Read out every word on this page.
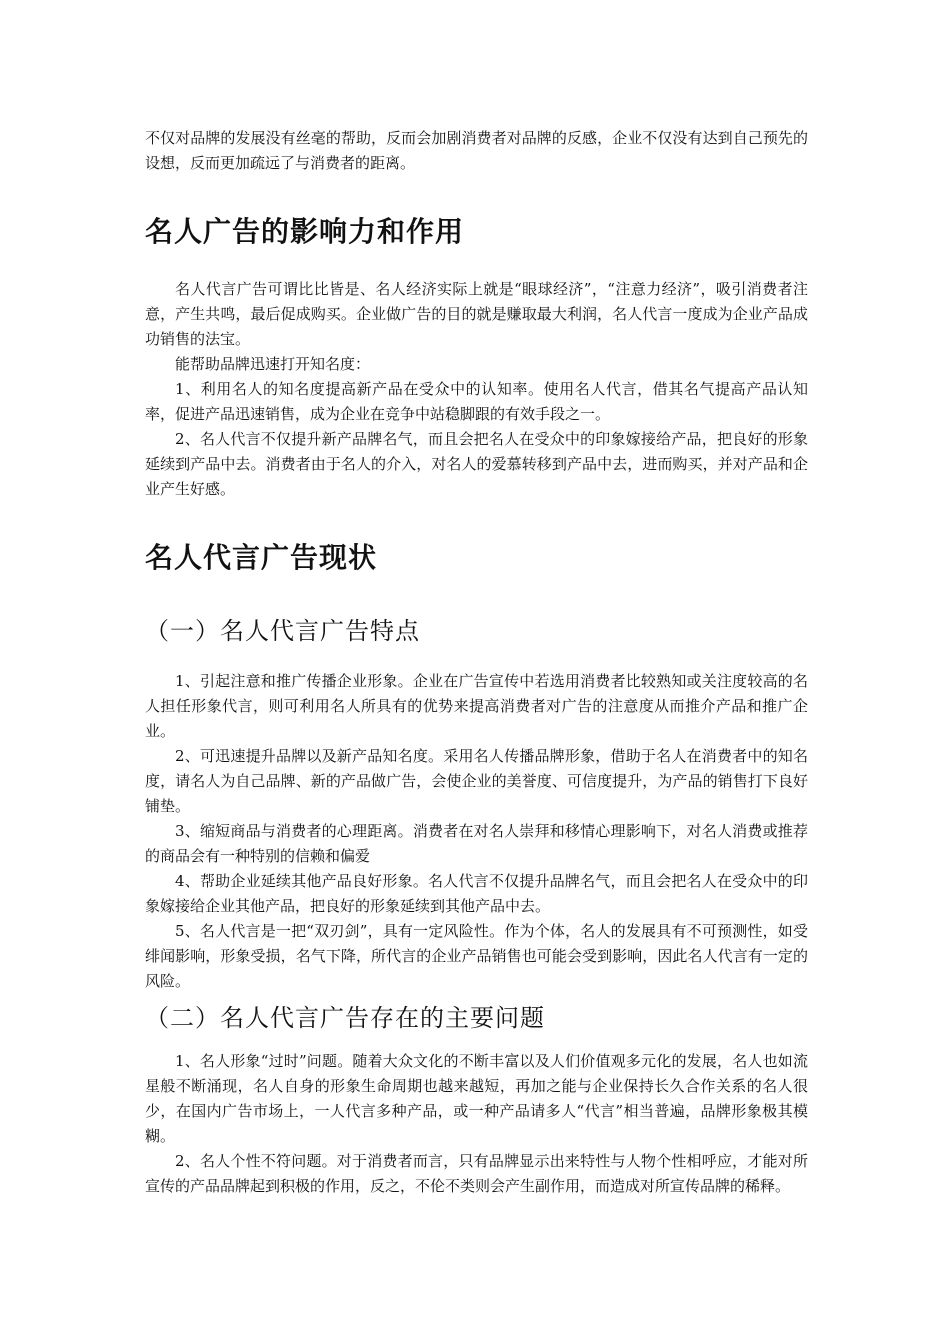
不仅对品牌的发展没有丝毫的帮助，反而会加剧消费者对品牌的反感，企业不仅没有达到自己预先的设想，反而更加疏远了与消费者的距离。

名人广告的影响力和作用

名人代言广告可谓比比皆是、名人经济实际上就是“眼球经济”，“注意力经济”，吸引消费者注意，产生共鸣，最后促成购买。企业做广告的目的就是赚取最大利润，名人代言一度成为企业产品成功销售的法宝。

能帮助品牌迅速打开知名度：

1、利用名人的知名度提高新产品在受众中的认知率。使用名人代言，借其名气提高产品认知率，促进产品迅速销售，成为企业在竞争中站稳脚跟的有效手段之一。

2、名人代言不仅提升新产品牌名气，而且会把名人在受众中的印象嫁接给产品，把良好的形象延续到产品中去。消费者由于名人的介入，对名人的爱慕转移到产品中去，进而购买，并对产品和企业产生好感。

名人代言广告现状
（一）名人代言广告特点

1、引起注意和推广传播企业形象。企业在广告宣传中若选用消费者比较熟知或关注度较高的名人担任形象代言，则可利用名人所具有的优势来提高消费者对广告的注意度从而推介产品和推广企业。

2、可迅速提升品牌以及新产品知名度。采用名人传播品牌形象，借助于名人在消费者中的知名度，请名人为自己品牌、新的产品做广告，会使企业的美誉度、可信度提升，为产品的销售打下良好铺垫。

3、缩短商品与消费者的心理距离。消费者在对名人崇拜和移情心理影响下，对名人消费或推荐的商品会有一种特别的信赖和偏爱

4、帮助企业延续其他产品良好形象。名人代言不仅提升品牌名气，而且会把名人在受众中的印象嫁接给企业其他产品，把良好的形象延续到其他产品中去。

5、名人代言是一把“双刃剑”，具有一定风险性。作为个体，名人的发展具有不可预测性，如受绯闻影响，形象受损，名气下降，所代言的企业产品销售也可能会受到影响，因此名人代言有一定的风险。

（二）名人代言广告存在的主要问题

1、名人形象“过时”问题。随着大众文化的不断丰富以及人们价值观多元化的发展，名人也如流星般不断涌现，名人自身的形象生命周期也越来越短，再加之能与企业保持长久合作关系的名人很少，在国内广告市场上，一人代言多种产品，或一种产品请多人“代言”相当普遍，品牌形象极其模糊。

2、名人个性不符问题。对于消费者而言，只有品牌显示出来特性与人物个性相呼应，才能对所宣传的产品品牌起到积极的作用，反之，不伦不类则会产生副作用，而造成对所宣传品牌的稀释。
